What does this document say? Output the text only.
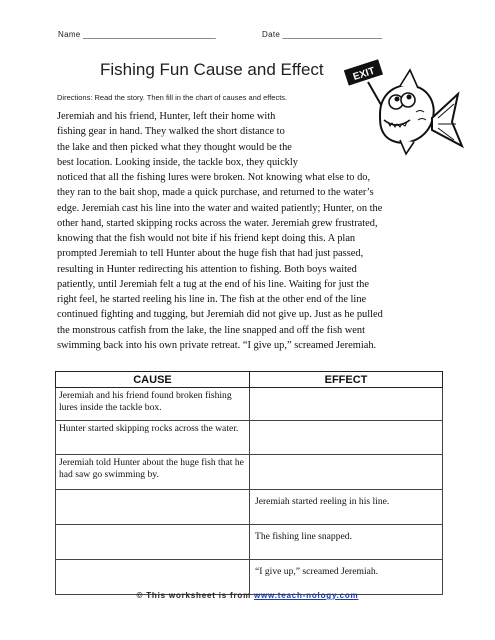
Name ____________________________	Date _____________________
Fishing Fun Cause and Effect
Directions: Read the story. Then fill in the chart of causes and effects.
EXIT
Jeremiah and his friend, Hunter, left their home with
fishing gear in hand. They walked the short distance to
the lake and then picked what they thought would be the
best location. Looking inside, the tackle box, they quickly
noticed that all the fishing lures were broken. Not knowing what else to do,
they ran to the bait shop, made a quick purchase, and returned to the water’s
edge. Jeremiah cast his line into the water and waited patiently; Hunter, on the
other hand, started skipping rocks across the water. Jeremiah grew frustrated,
knowing that the fish would not bite if his friend kept doing this. A plan
prompted Jeremiah to tell Hunter about the huge fish that had just passed,
resulting in Hunter redirecting his attention to fishing. Both boys waited
patiently, until Jeremiah felt a tug at the end of his line. Waiting for just the
right feel, he started reeling his line in. The fish at the other end of the line
continued fighting and tugging, but Jeremiah did not give up. Just as he pulled
the monstrous catfish from the lake, the line snapped and off the fish went
swimming back into his own private retreat. “I give up,” screamed Jeremiah.
CAUSE	EFFECT
Jeremiah and his friend found broken fishing lures inside the tackle box.	
Hunter started skipping rocks across the water.	
Jeremiah told Hunter about the huge fish that he had saw go swimming by.	
	Jeremiah started reeling in his line.
	The fishing line snapped.
	“I give up,” screamed Jeremiah.
© This worksheet is from www.teach-nology.com
